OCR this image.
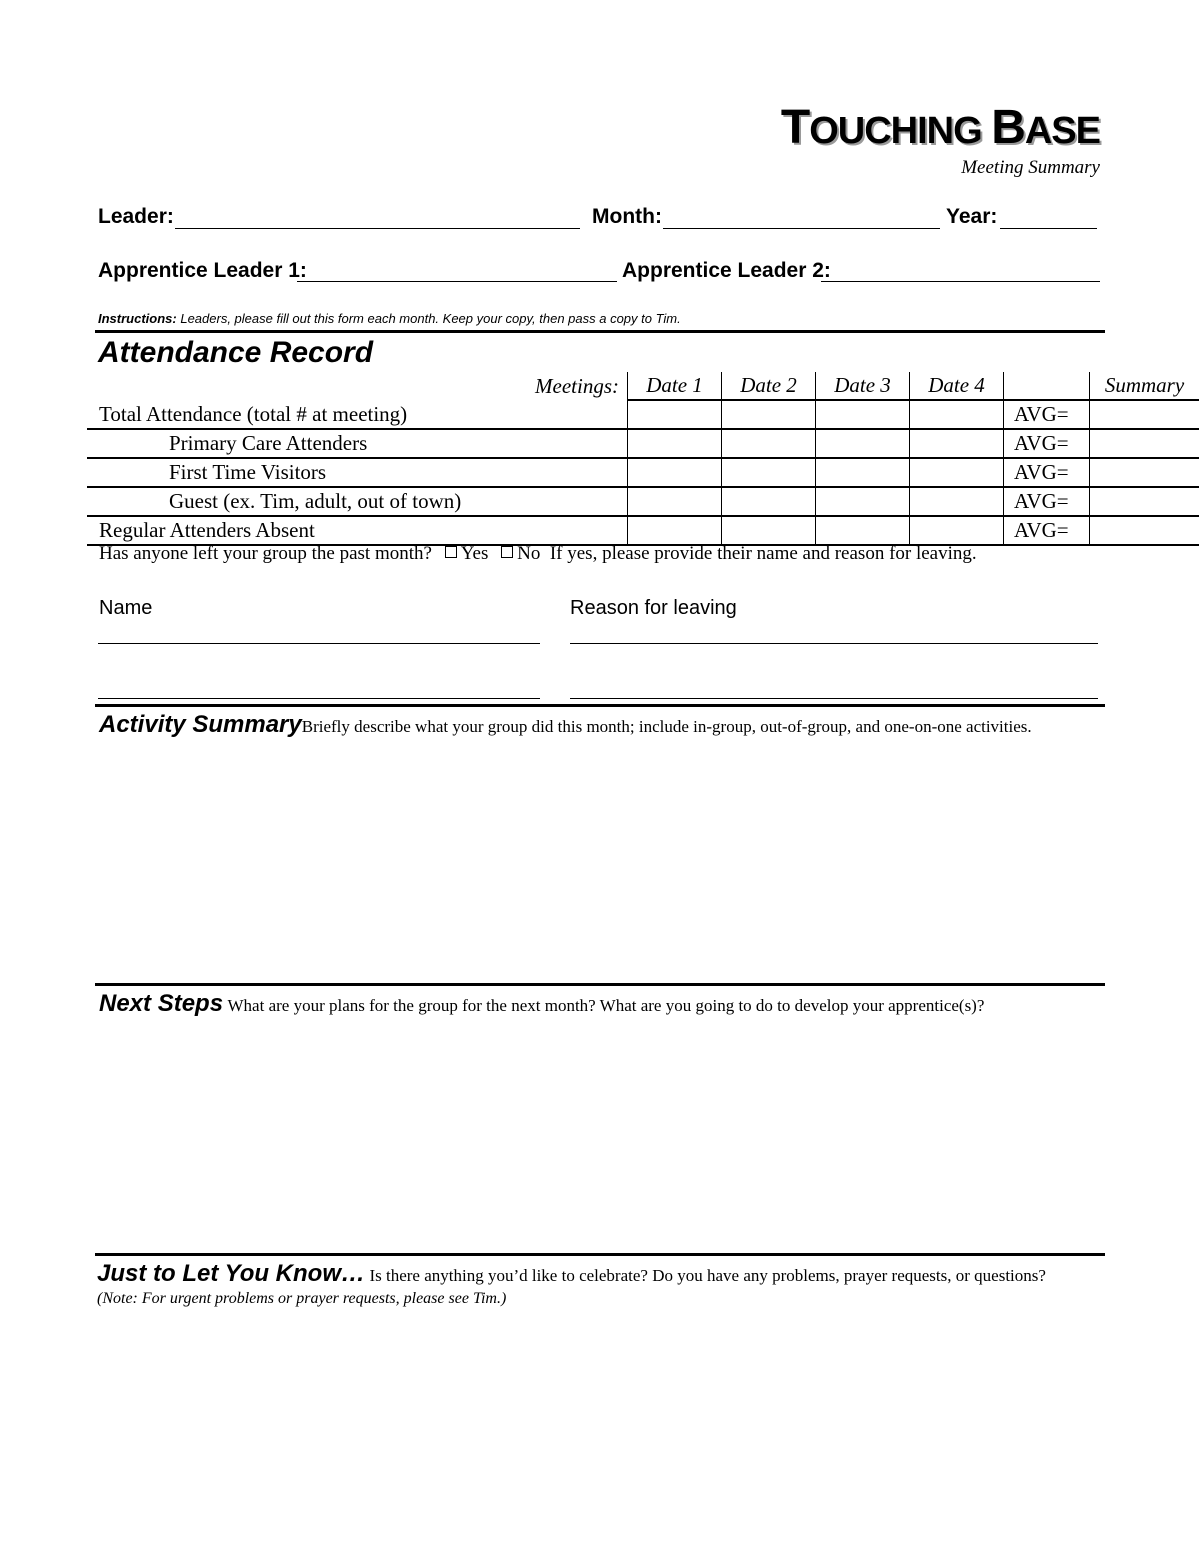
TOUCHING BASE
Meeting Summary
Leader:	Month:	Year:
Apprentice Leader 1:	Apprentice Leader 2:
Instructions: Leaders, please fill out this form each month. Keep your copy, then pass a copy to Tim.
Attendance Record
Meetings:	Date 1	Date 2	Date 3	Date 4		Summary
Total Attendance (total # at meeting)					AVG=	
Primary Care Attenders					AVG=	
First Time Visitors					AVG=	
Guest (ex. Tim, adult, out of town)					AVG=	
Regular Attenders Absent					AVG=	
Has anyone left your group the past month? Yes No If yes, please provide their name and reason for leaving.
Name	Reason for leaving
Activity SummaryBriefly describe what your group did this month; include in-group, out-of-group, and one-on-one activities.
Next Steps What are your plans for the group for the next month? What are you going to do to develop your apprentice(s)?
Just to Let You Know… Is there anything you’d like to celebrate? Do you have any problems, prayer requests, or questions?
(Note: For urgent problems or prayer requests, please see Tim.)
